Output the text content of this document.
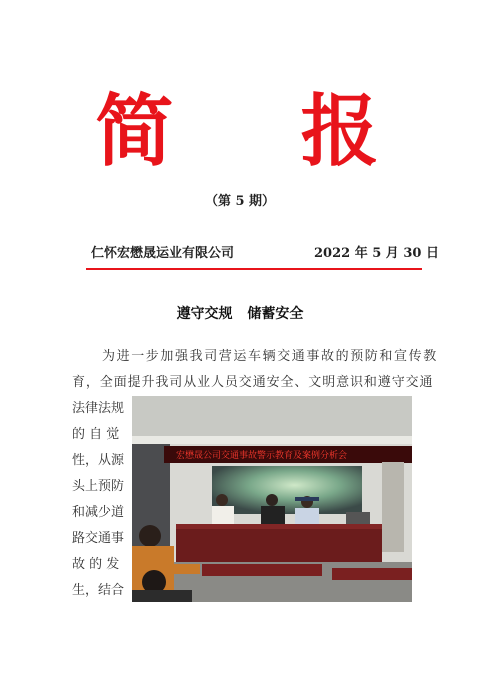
简 报
（第 5 期）
仁怀宏懋晟运业有限公司	2022 年 5 月 30 日
遵守交规 储蓄安全
为进一步加强我司营运车辆交通事故的预防和宣传教
育，全面提升我司从业人员交通安全、文明意识和遵守交通
法律法规
的 自 觉
性，从源
头上预防
和减少道
路交通事
故 的 发
生，结合
宏懋晟公司交通事故警示教育及案例分析会
